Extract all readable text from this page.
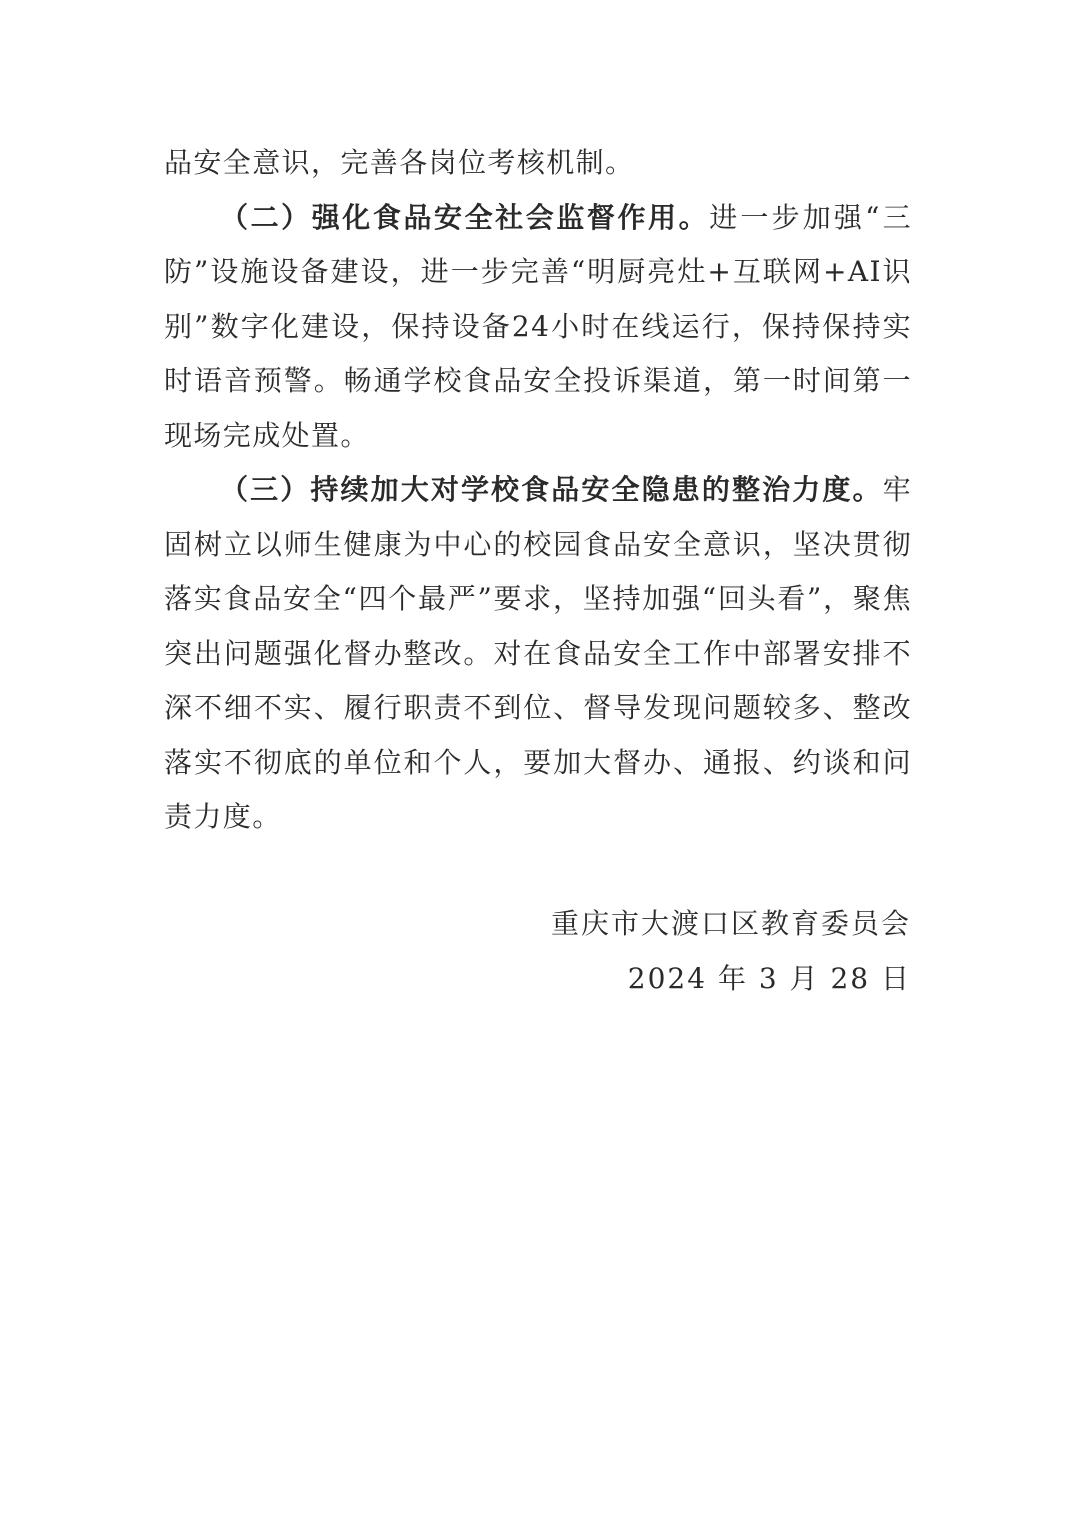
品安全意识，完善各岗位考核机制。

（二）强化食品安全社会监督作用。进一步加强“三防”设施设备建设，进一步完善“明厨亮灶+互联网+AI识别”数字化建设，保持设备24小时在线运行，保持保持实时语音预警。畅通学校食品安全投诉渠道，第一时间第一现场完成处置。

（三）持续加大对学校食品安全隐患的整治力度。牢固树立以师生健康为中心的校园食品安全意识，坚决贯彻落实食品安全“四个最严”要求，坚持加强“回头看”，聚焦突出问题强化督办整改。对在食品安全工作中部署安排不深不细不实、履行职责不到位、督导发现问题较多、整改落实不彻底的单位和个人，要加大督办、通报、约谈和问责力度。

重庆市大渡口区教育委员会
2024 年 3 月 28 日
